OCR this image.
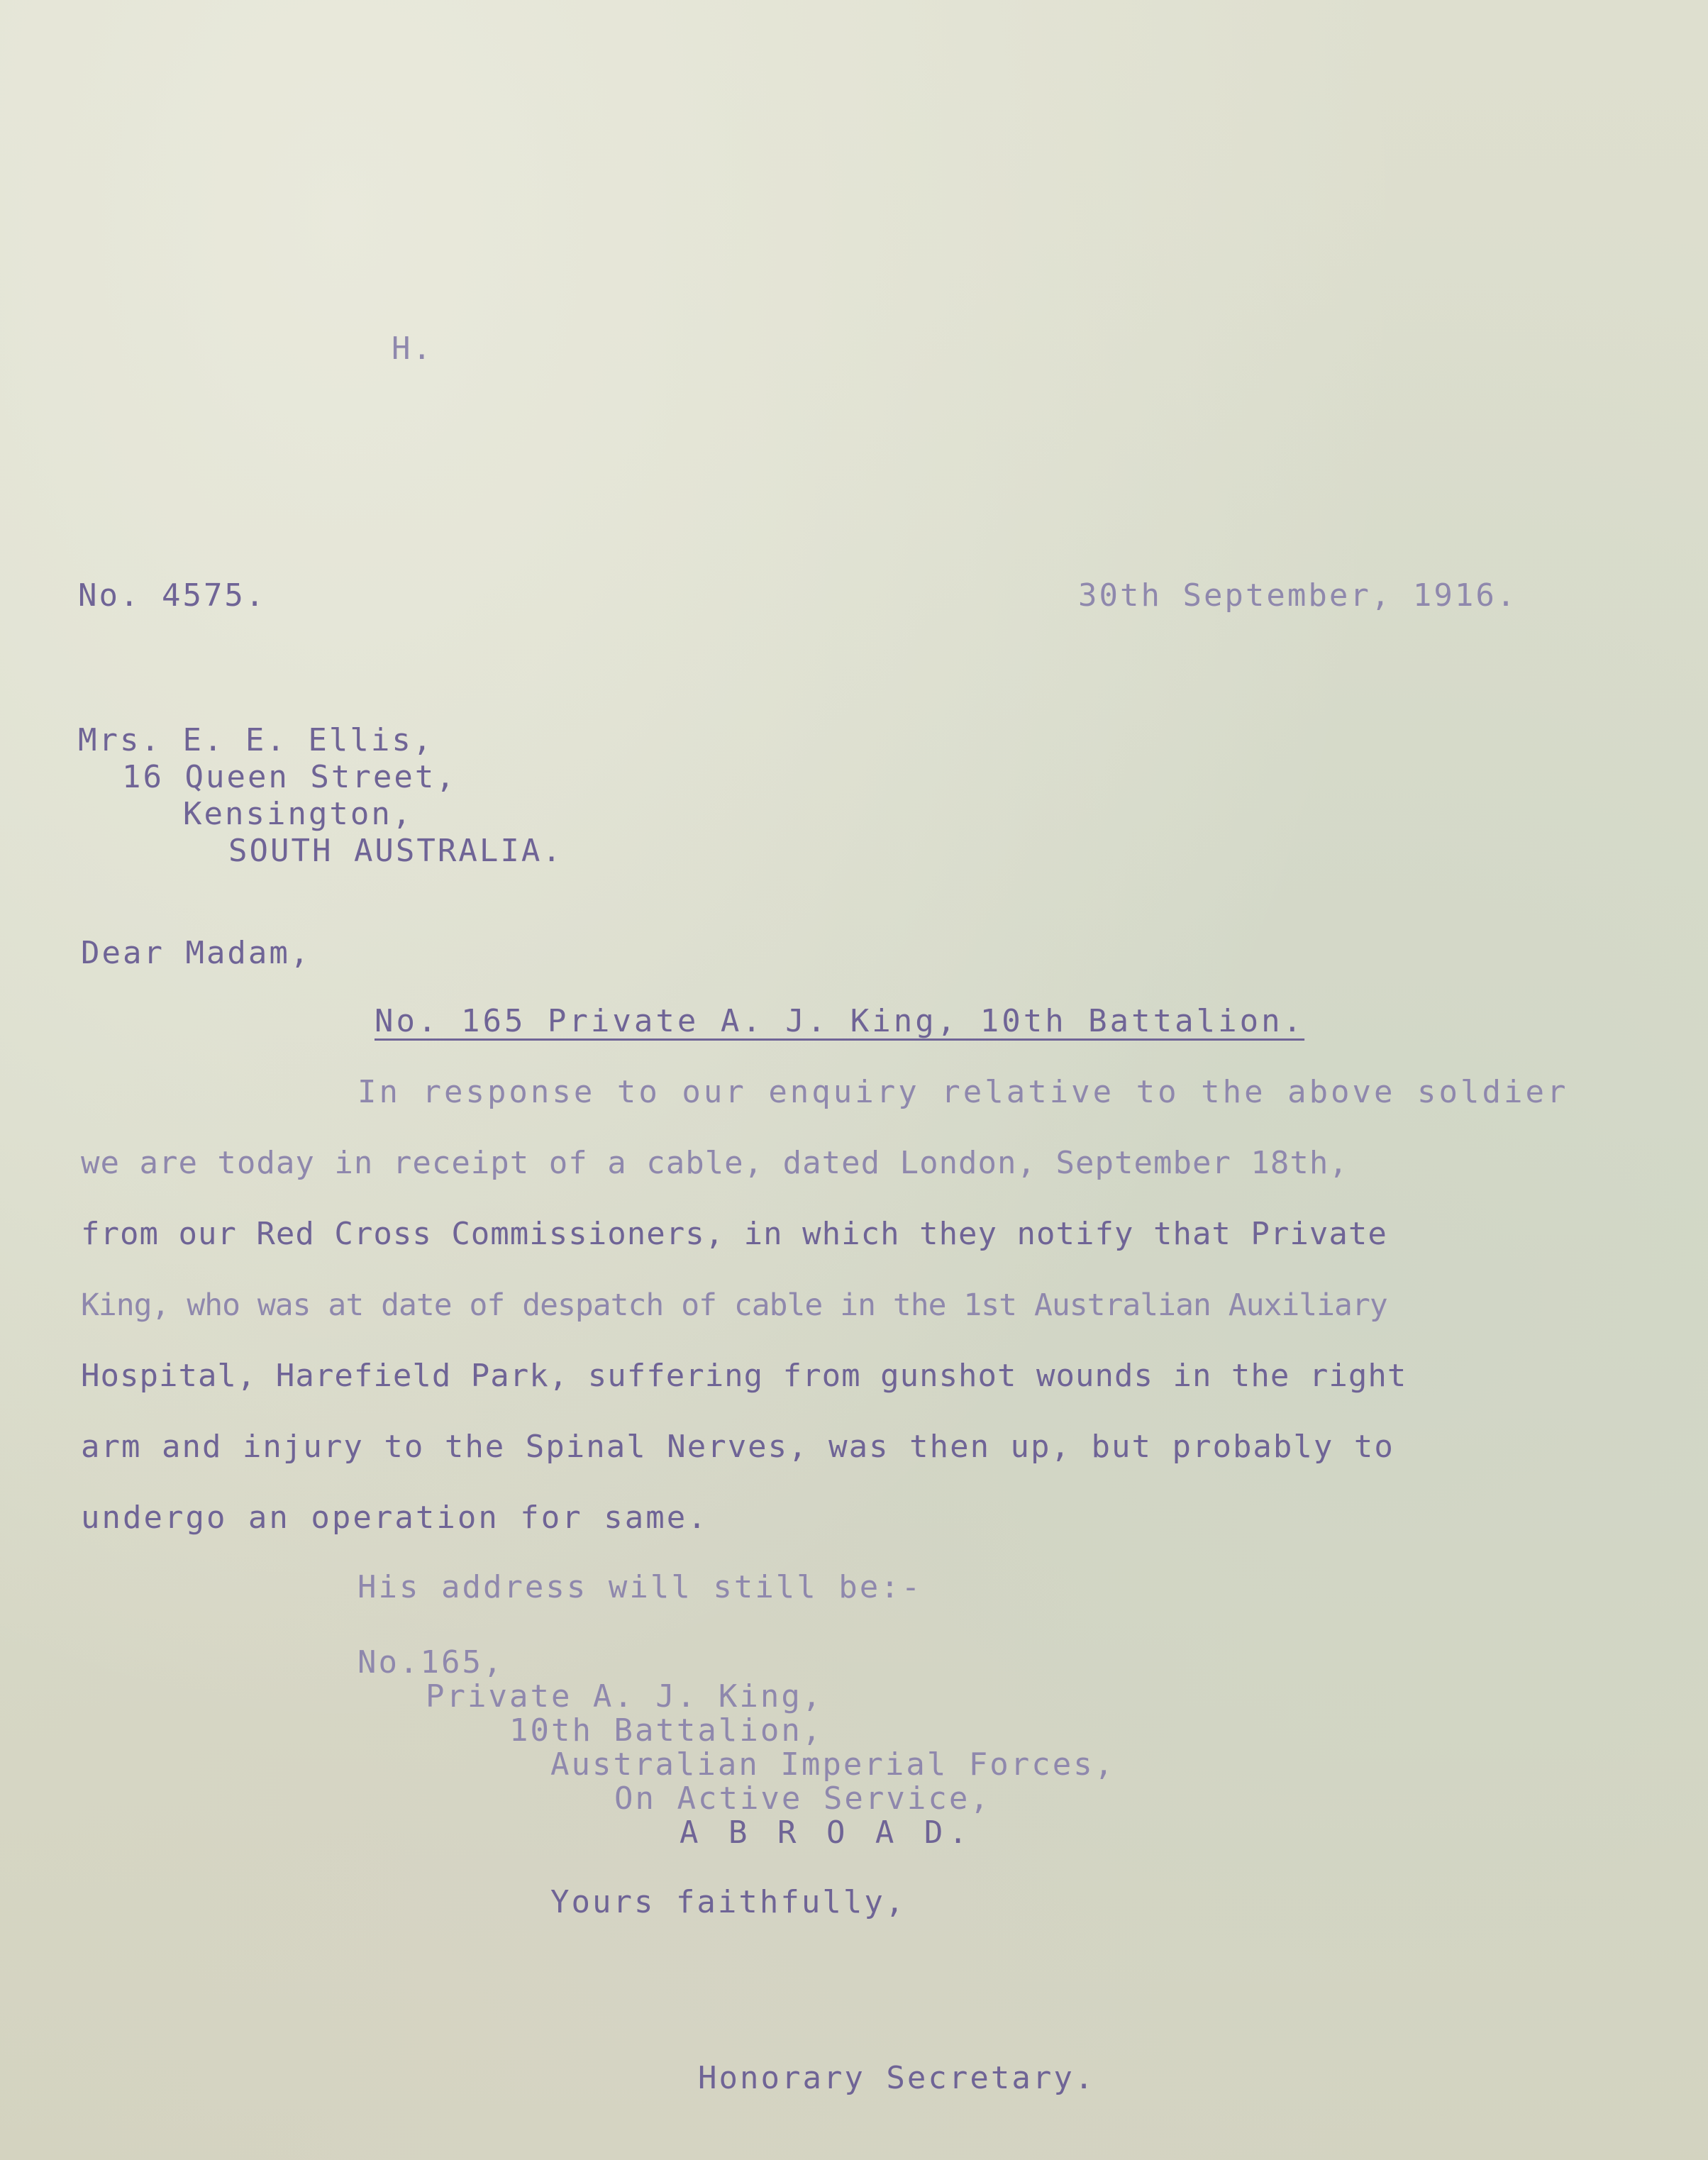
H.
No. 4575.	30th September, 1916.
Mrs. E. E. Ellis,
16 Queen Street,
Kensington,
SOUTH AUSTRALIA.
Dear Madam,
No. 165 Private A. J. King, 10th Battalion.
In response to our enquiry relative to the above soldier
we are today in receipt of a cable, dated London, September 18th,
from our Red Cross Commissioners, in which they notify that Private
King, who was at date of despatch of cable in the 1st Australian Auxiliary
Hospital, Harefield Park, suffering from gunshot wounds in the right
arm and injury to the Spinal Nerves, was then up, but probably to
undergo an operation for same.
His address will still be:-
No.165,
Private A. J. King,
10th Battalion,
Australian Imperial Forces,
On Active Service,
A B R O A D.
Yours faithfully,
Honorary Secretary.
